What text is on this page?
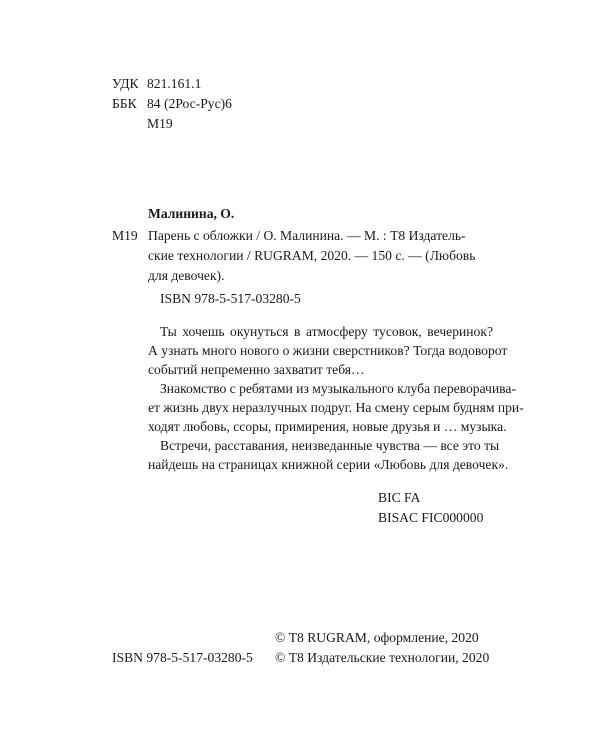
УДК 821.161.1
ББК 84 (2Рос-Рус)6
М19
Малинина, О.
М19 Парень с обложки / О. Малинина. — М. : Т8 Издатель-
ские технологии / RUGRAM, 2020. — 150 с. — (Любовь
для девочек).
ISBN 978-5-517-03280-5
Ты хочешь окунуться в атмосферу тусовок, вечеринок?
А узнать много нового о жизни сверстников? Тогда водоворот
событий непременно захватит тебя…
Знакомство с ребятами из музыкального клуба переворачива-
ет жизнь двух неразлучных подруг. На смену серым будням при-
ходят любовь, ссоры, примирения, новые друзья и … музыка.
Встречи, расставания, неизведанные чувства — все это ты
найдешь на страницах книжной серии «Любовь для девочек».
BIC FA
BISAC FIC000000
© Т8 RUGRAM, оформление, 2020
ISBN 978-5-517-03280-5 © Т8 Издательские технологии, 2020
